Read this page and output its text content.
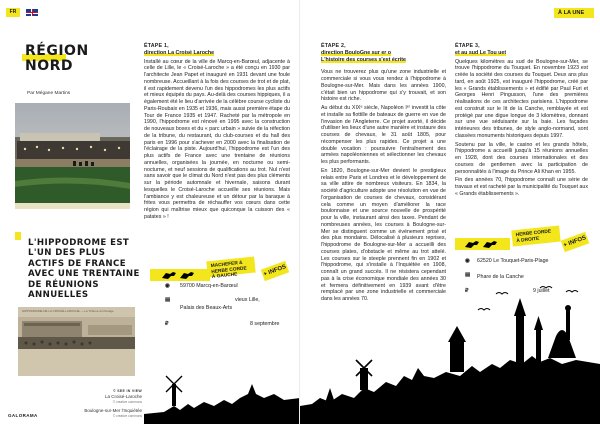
FR
RÉGION
NORD
Par Mégane Martins
L'HIPPODROME EST L'UN DES PLUS ACTIFS DE FRANCE AVEC UNE TRENTAINE DE RÉUNIONS ANNUELLES
HIPPODROME DE LA CROISÉ-LAROCHE — La Tribune du Pesage
© SEE IN VIEW
La Croisé-Laroche
© creative commons
Boulogne-sur-Mer l'Inquiétée
© creative commons
GALORAMA
ÉTAPE 1,
direction La Croisé Laroche

Installé au cœur de la ville de Marcq-en-Barœul, adjacente à celle de Lille, le « Croisé-Laroche » a été conçu en 1930 par l'architecte Jean Papet et inauguré en 1931 devant une foule nombreuse. Accueillant à la fois des courses de trot et de plat, il est rapidement devenu l'un des hippodromes les plus actifs et mieux équipés du pays. Au-delà des courses hippiques, il a également été le lieu d'arrivée de la célèbre course cycliste du Paris-Roubaix en 1935 et 1936, mais aussi première étape du Tour de France 1935 et 1947. Racheté par la métropole en 1990, l'hippodrome est rénové en 1995 avec la construction de nouveaux boxes et du « parc urbain » suivie de la réfection de la tribune, du restaurant, du club-courses et du hall des paris en 1996 pour s'achever en 2000 avec la finalisation de l'éclairage de la piste. Aujourd'hui, l'hippodrome est l'un des plus actifs de France avec une trentaine de réunions annuelles, organisées la journée, en nocturne ou semi-nocturne, et neuf sessions de qualifications au trot. Nul n'est sans savoir que le climat du Nord n'est pas des plus cléments sur la période automnale et hivernale, saisons durant lesquelles le Croisé-Laroche accueille ses réunions. Mais l'ambiance y est chaleureuse et un détour par la baraque à frites vous permettra de réchauffer vos cœurs dans cette région qui maîtrise mieux que quiconque la cuisson des « patates » !

MACHEFER & HERBE CORDE À GAUCHE	+ INFOS
◉ 59700 Marcq-en-Barœul
▤	vieux Lille,
Palais des Beaux-Arts
₽	8 septembre
À LA UNE
ÉTAPE 2,
direction BouloGne sur er o
L'histoire des courses s'est écrite

Vous ne trouverez plus qu'une zone industrielle et commerciale si vous vous rendez à l'hippodrome à Boulogne-sur-Mer. Mais dans les années 1900, c'était bien un hippodrome qui s'y trouvait, et son histoire est riche.

Au début du XIXᵉ siècle, Napoléon Iᵉʳ investit la côte et installe sa flottille de bateaux de guerre en vue de l'invasion de l'Angleterre. Ce projet avorté, il décide d'utiliser les lieux d'une autre manière et instaure des courses de chevaux, le 31 août 1805, pour récompenser les plus rapides. Ce projet a une double vocation : poursuivre l'entraînement des armées napoléoniennes et sélectionner les chevaux les plus performants.

En 1820, Boulogne-sur-Mer devient le prestigieux relais entre Paris et Londres et le développement de sa ville attire de nombreux visiteurs. En 1834, la société d'agriculture adopte une résolution en vue de l'organisation de courses de chevaux, considérant cela comme un moyen d'améliorer la race boulonnaise et une source nouvelle de prospérité pour la ville, instaurant ainsi des taxes. Pendant de nombreuses années, les courses à Boulogne-sur-Mer se distinguent comme un événement prisé et des plus mondains. Délocalisé à plusieurs reprises, l'hippodrome de Boulogne-sur-Mer a accueilli des courses plates, d'obstacle et même au trot attelé. Les courses sur le steeple prennent fin en 1902 et l'hippodrome, qui s'installe à l'Inquiétée en 1908, connaît un grand succès. Il ne résistera cependant pas à la crise économique mondiale des années 30 et fermera définitivement en 1939 avant d'être remplacé par une zone industrielle et commerciale dans les années 70.

ÉTAPE 3,
et au sud Le Tou uet

Quelques kilomètres au sud de Boulogne-sur-Mer, se trouve l'hippodrome du Touquet. En novembre 1923 est créée la société des courses du Touquet. Deux ans plus tard, en août 1925, est inauguré l'hippodrome, créé par les « Grands établissements » et édifié par Paul Furi et Georges Henri Pingusson, l'une des premières réalisations de ces architectes parisiens. L'hippodrome est construit sur le lit de la Canche, remblayée et est protégé par une digue longue de 3 kilomètres, donnant sur une vue séduisante sur la baie. Les façades intérieures des tribunes, de style anglo-normand, sont classées monuments historiques depuis 1997.

Soutenu par la ville, le casino et les grands hôtels, l'hippodrome a accueilli jusqu'à 15 réunions annuelles en 1928, dont des courses internationales et des courses de gentlemen avec la participation de personnalités à l'image du Prince Ali Khan en 1955.

Fin des années 70, l'hippodrome connaît une série de travaux et est racheté par la municipalité du Touquet aux « Grands établissements ».

HERBE CORDE À DROITE	+ INFOS
◉ 62520 Le Touquet-Paris-Plage
▤ Phare de la Canche
₽	9 juillet
